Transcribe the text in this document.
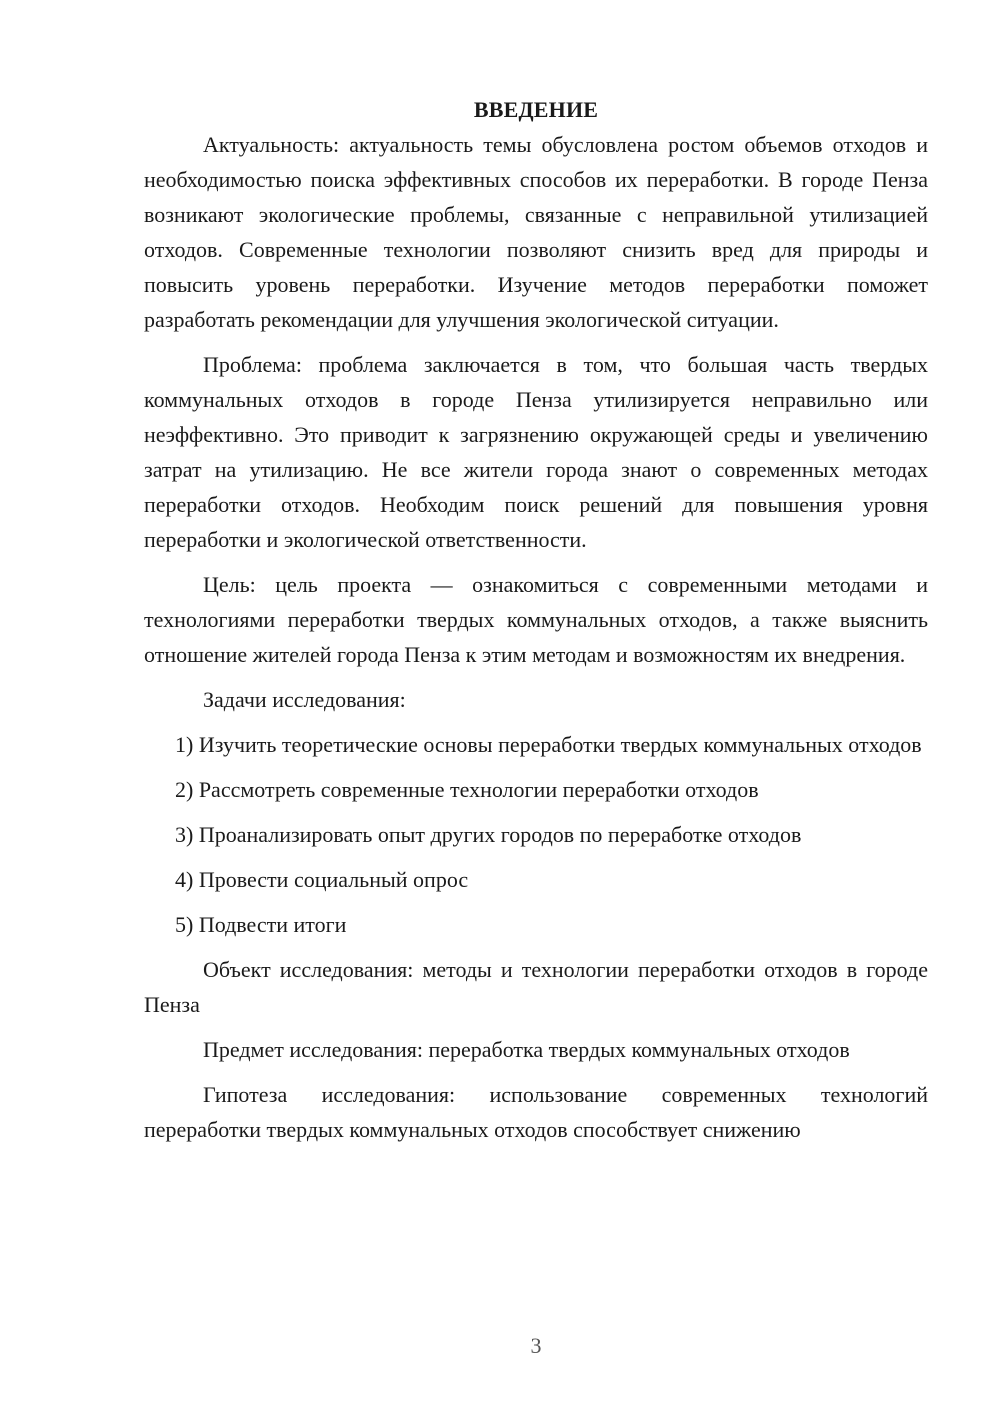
ВВЕДЕНИЕ

Актуальность: актуальность темы обусловлена ростом объемов отходов и необходимостью поиска эффективных способов их переработки. В городе Пенза возникают экологические проблемы, связанные с неправильной утилизацией отходов. Современные технологии позволяют снизить вред для природы и повысить уровень переработки. Изучение методов переработки поможет разработать рекомендации для улучшения экологической ситуации.

Проблема: проблема заключается в том, что большая часть твердых коммунальных отходов в городе Пенза утилизируется неправильно или неэффективно. Это приводит к загрязнению окружающей среды и увеличению затрат на утилизацию. Не все жители города знают о современных методах переработки отходов. Необходим поиск решений для повышения уровня переработки и экологической ответственности.

Цель: цель проекта — ознакомиться с современными методами и технологиями переработки твердых коммунальных отходов, а также выяснить отношение жителей города Пенза к этим методам и возможностям их внедрения.

Задачи исследования:

1) Изучить теоретические основы переработки твердых коммунальных отходов

2) Рассмотреть современные технологии переработки отходов

3) Проанализировать опыт других городов по переработке отходов

4) Провести социальный опрос

5) Подвести итоги

Объект исследования: методы и технологии переработки отходов в городе Пенза

Предмет исследования: переработка твердых коммунальных отходов

Гипотеза исследования: использование современных технологий переработки твердых коммунальных отходов способствует снижению

3
